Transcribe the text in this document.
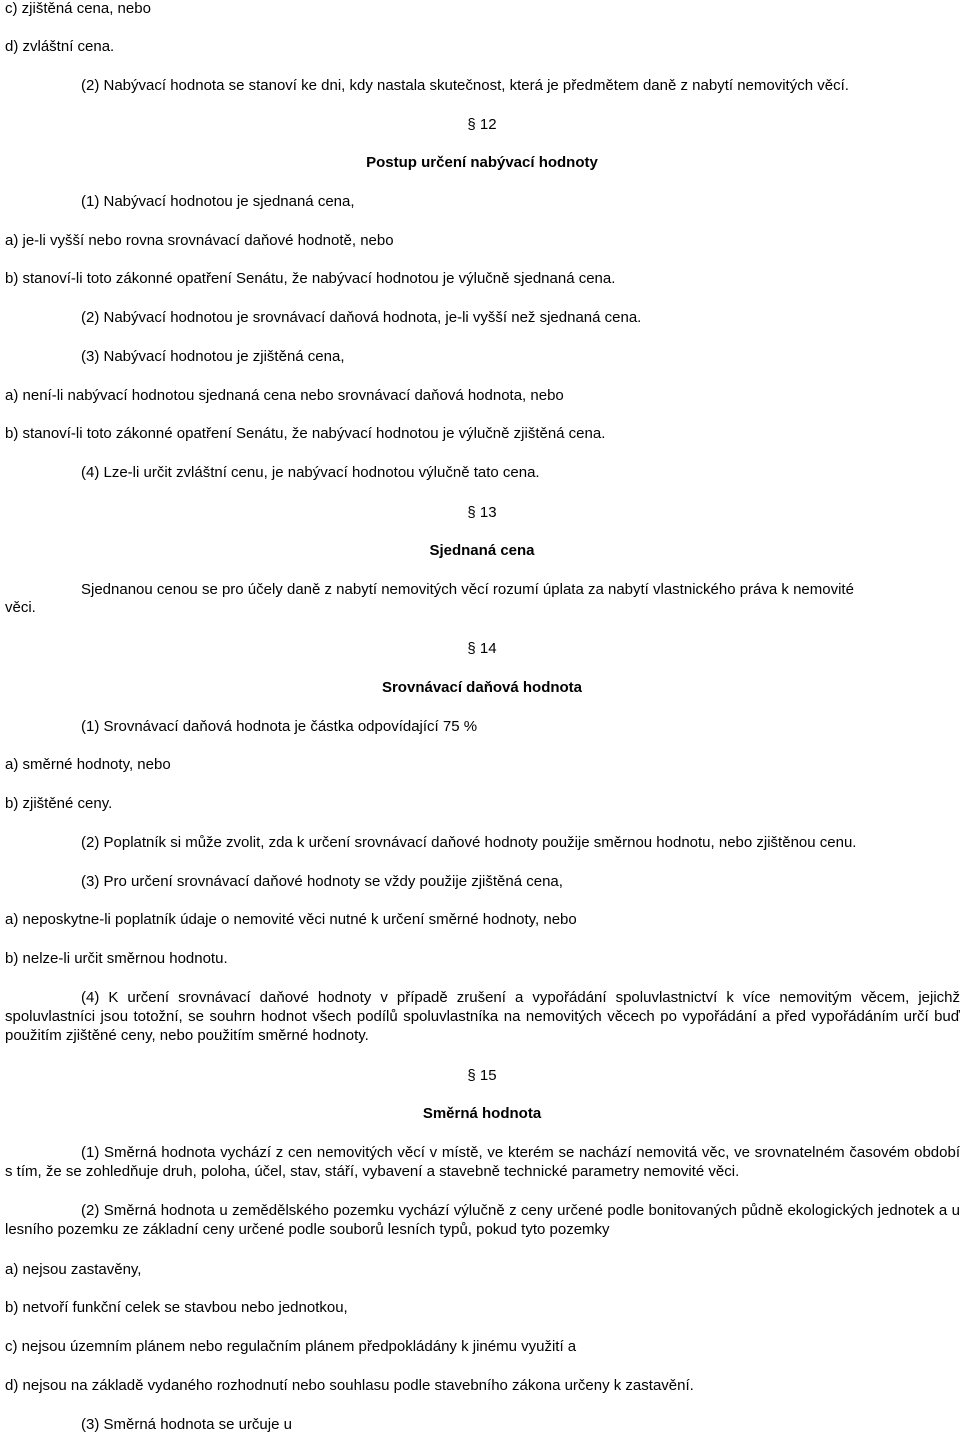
c) zjištěná cena, nebo

d) zvláštní cena.

(2) Nabývací hodnota se stanoví ke dni, kdy nastala skutečnost, která je předmětem daně z nabytí nemovitých věcí.

§ 12

Postup určení nabývací hodnoty

(1) Nabývací hodnotou je sjednaná cena,

a) je-li vyšší nebo rovna srovnávací daňové hodnotě, nebo

b) stanoví-li toto zákonné opatření Senátu, že nabývací hodnotou je výlučně sjednaná cena.

(2) Nabývací hodnotou je srovnávací daňová hodnota, je-li vyšší než sjednaná cena.

(3) Nabývací hodnotou je zjištěná cena,

a) není-li nabývací hodnotou sjednaná cena nebo srovnávací daňová hodnota, nebo

b) stanoví-li toto zákonné opatření Senátu, že nabývací hodnotou je výlučně zjištěná cena.

(4) Lze-li určit zvláštní cenu, je nabývací hodnotou výlučně tato cena.

§ 13

Sjednaná cena

Sjednanou cenou se pro účely daně z nabytí nemovitých věcí rozumí úplata za nabytí vlastnického práva k nemovité

věci.

§ 14

Srovnávací daňová hodnota

(1) Srovnávací daňová hodnota je částka odpovídající 75 %

a) směrné hodnoty, nebo

b) zjištěné ceny.

(2) Poplatník si může zvolit, zda k určení srovnávací daňové hodnoty použije směrnou hodnotu, nebo zjištěnou cenu.

(3) Pro určení srovnávací daňové hodnoty se vždy použije zjištěná cena,

a) neposkytne-li poplatník údaje o nemovité věci nutné k určení směrné hodnoty, nebo

b) nelze-li určit směrnou hodnotu.

(4) K určení srovnávací daňové hodnoty v případě zrušení a vypořádání spoluvlastnictví k více nemovitým věcem, jejichž spoluvlastníci jsou totožní, se souhrn hodnot všech podílů spoluvlastníka na nemovitých věcech po vypořádání a před vypořádáním určí buď použitím zjištěné ceny, nebo použitím směrné hodnoty.

§ 15

Směrná hodnota

(1) Směrná hodnota vychází z cen nemovitých věcí v místě, ve kterém se nachází nemovitá věc, ve srovnatelném časovém období s tím, že se zohledňuje druh, poloha, účel, stav, stáří, vybavení a stavebně technické parametry nemovité věci.

(2) Směrná hodnota u zemědělského pozemku vychází výlučně z ceny určené podle bonitovaných půdně ekologických jednotek a u lesního pozemku ze základní ceny určené podle souborů lesních typů, pokud tyto pozemky

a) nejsou zastavěny,

b) netvoří funkční celek se stavbou nebo jednotkou,

c) nejsou územním plánem nebo regulačním plánem předpokládány k jinému využití a

d) nejsou na základě vydaného rozhodnutí nebo souhlasu podle stavebního zákona určeny k zastavění.

(3) Směrná hodnota se určuje u
